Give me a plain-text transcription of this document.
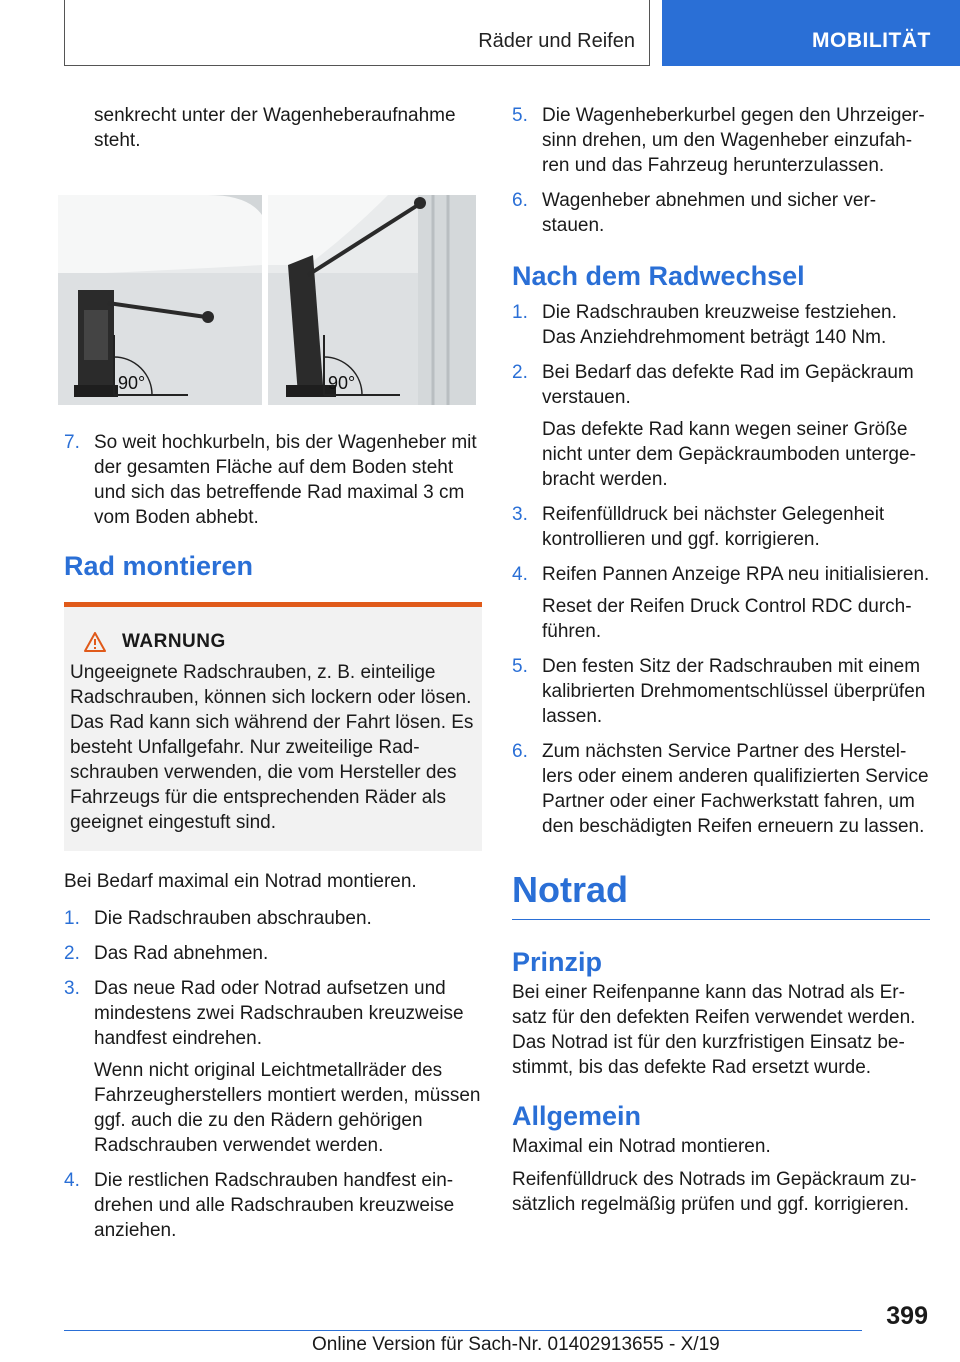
Räder und Reifen	MOBILITÄT

senkrecht unter der Wagenheberaufnahme steht.

90°	90°
7. So weit hochkurbeln, bis der Wagenheber mit der gesamten Fläche auf dem Boden steht und sich das betreffende Rad maximal 3 cm vom Boden abhebt.
Rad montieren
WARNUNG

Ungeeignete Radschrauben, z. B. einteilige Radschrauben, können sich lockern oder lösen. Das Rad kann sich während der Fahrt lösen. Es besteht Unfallgefahr. Nur zweiteilige Radschrauben verwenden, die vom Hersteller des Fahrzeugs für die entsprechenden Räder als geeignet eingestuft sind.

Bei Bedarf maximal ein Notrad montieren.

1. Die Radschrauben abschrauben.
2. Das Rad abnehmen.
3. Das neue Rad oder Notrad aufsetzen und mindestens zwei Radschrauben kreuzweise handfest eindrehen.
Wenn nicht original Leichtmetallräder des Fahrzeugherstellers montiert werden, müssen ggf. auch die zu den Rädern gehörigen Radschrauben verwendet werden.
4. Die restlichen Radschrauben handfest eindrehen und alle Radschrauben kreuzweise anziehen.
5. Die Wagenheberkurbel gegen den Uhrzeigersinn drehen, um den Wagenheber einzufahren und das Fahrzeug herunterzulassen.
6. Wagenheber abnehmen und sicher verstauen.
Nach dem Radwechsel
1. Die Radschrauben kreuzweise festziehen. Das Anziehdrehmoment beträgt 140 Nm.
2. Bei Bedarf das defekte Rad im Gepäckraum verstauen.
Das defekte Rad kann wegen seiner Größe nicht unter dem Gepäckraumboden untergebracht werden.
3. Reifenfülldruck bei nächster Gelegenheit kontrollieren und ggf. korrigieren.
4. Reifen Pannen Anzeige RPA neu initialisieren.
Reset der Reifen Druck Control RDC durchführen.
5. Den festen Sitz der Radschrauben mit einem kalibrierten Drehmomentschlüssel überprüfen lassen.
6. Zum nächsten Service Partner des Herstellers oder einem anderen qualifizierten Service Partner oder einer Fachwerkstatt fahren, um den beschädigten Reifen erneuern zu lassen.
Notrad
Prinzip

Bei einer Reifenpanne kann das Notrad als Ersatz für den defekten Reifen verwendet werden. Das Notrad ist für den kurzfristigen Einsatz bestimmt, bis das defekte Rad ersetzt wurde.

Allgemein

Maximal ein Notrad montieren.

Reifenfülldruck des Notrads im Gepäckraum zusätzlich regelmäßig prüfen und ggf. korrigieren.

399
Online Version für Sach-Nr. 01402913655 - X/19
